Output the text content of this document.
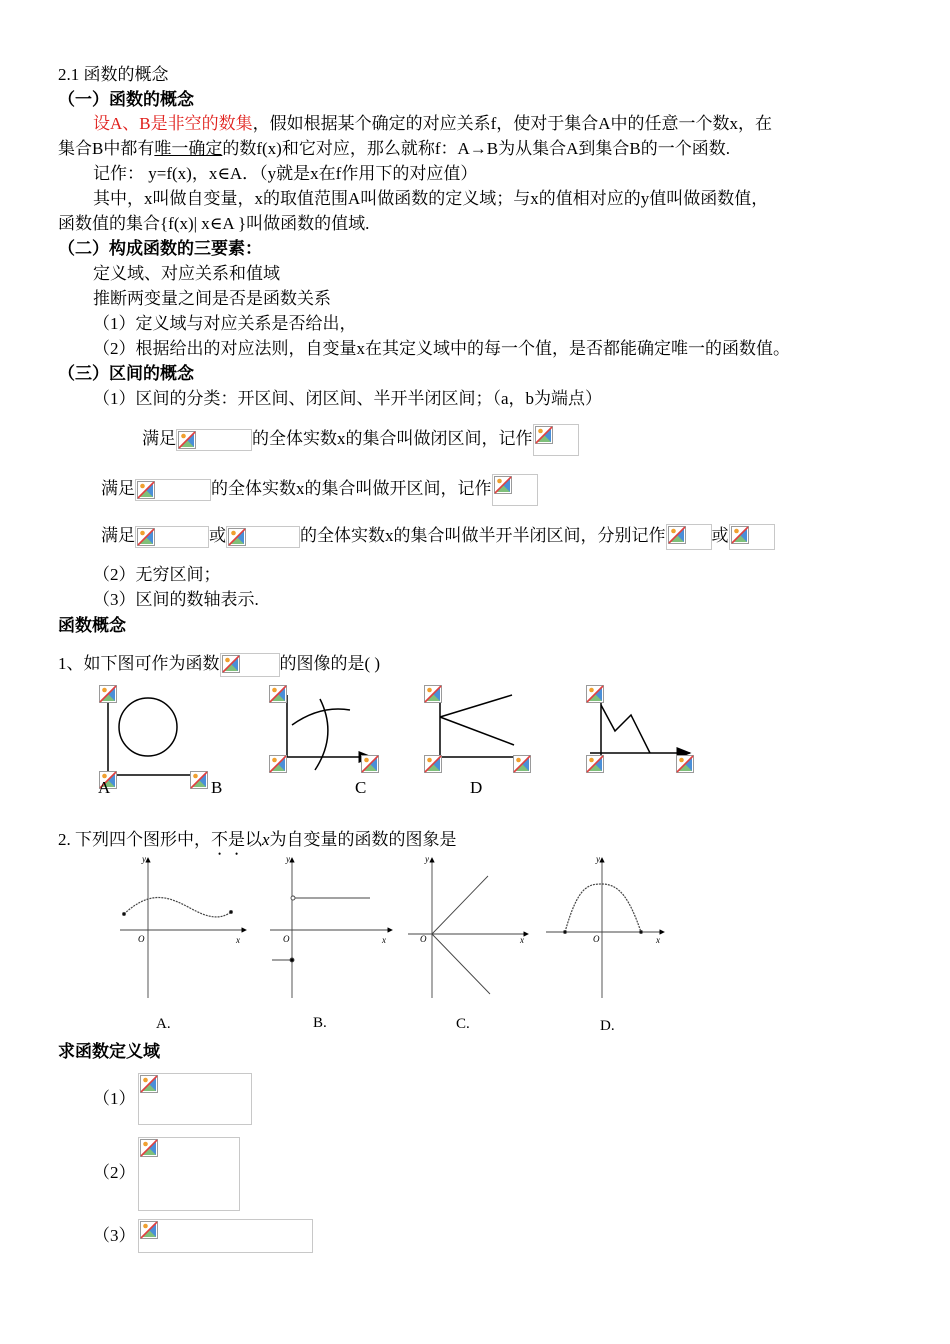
2.1 函数的概念
（一）函数的概念
设A、B是非空的数集，假如根据某个确定的对应关系f，使对于集合A中的任意一个数x，在
集合B中都有唯一确定的数f(x)和它对应，那么就称f：A→B为从集合A到集合B的一个函数.
记作： y=f(x)，x∈A．（y就是x在f作用下的对应值）
其中，x叫做自变量，x的取值范围A叫做函数的定义域；与x的值相对应的y值叫做函数值，
函数值的集合{f(x)| x∈A }叫做函数的值域.
（二）构成函数的三要素：
定义域、对应关系和值域
推断两变量之间是否是函数关系
（1）定义域与对应关系是否给出，
（2）根据给出的对应法则，自变量x在其定义域中的每一个值，是否都能确定唯一的函数值。
（三）区间的概念
（1）区间的分类：开区间、闭区间、半开半闭区间；（a，b为端点）
满足	的全体实数x的集合叫做闭区间，记作
满足	的全体实数x的集合叫做开区间，记作
满足	或	的全体实数x的集合叫做半开半闭区间，分别记作	或
（2）无穷区间；
（3）区间的数轴表示.
函数概念
1、如下图可作为函数	的图像的是( )
A	B	C	D
2. 下列四个图形中，不是以x为自变量的函数的图象是
y
x
O
y
x
O
y
x
O
y
x
O
A.	B.	C.	D.
求函数定义域
（1）
（2）
（3）
